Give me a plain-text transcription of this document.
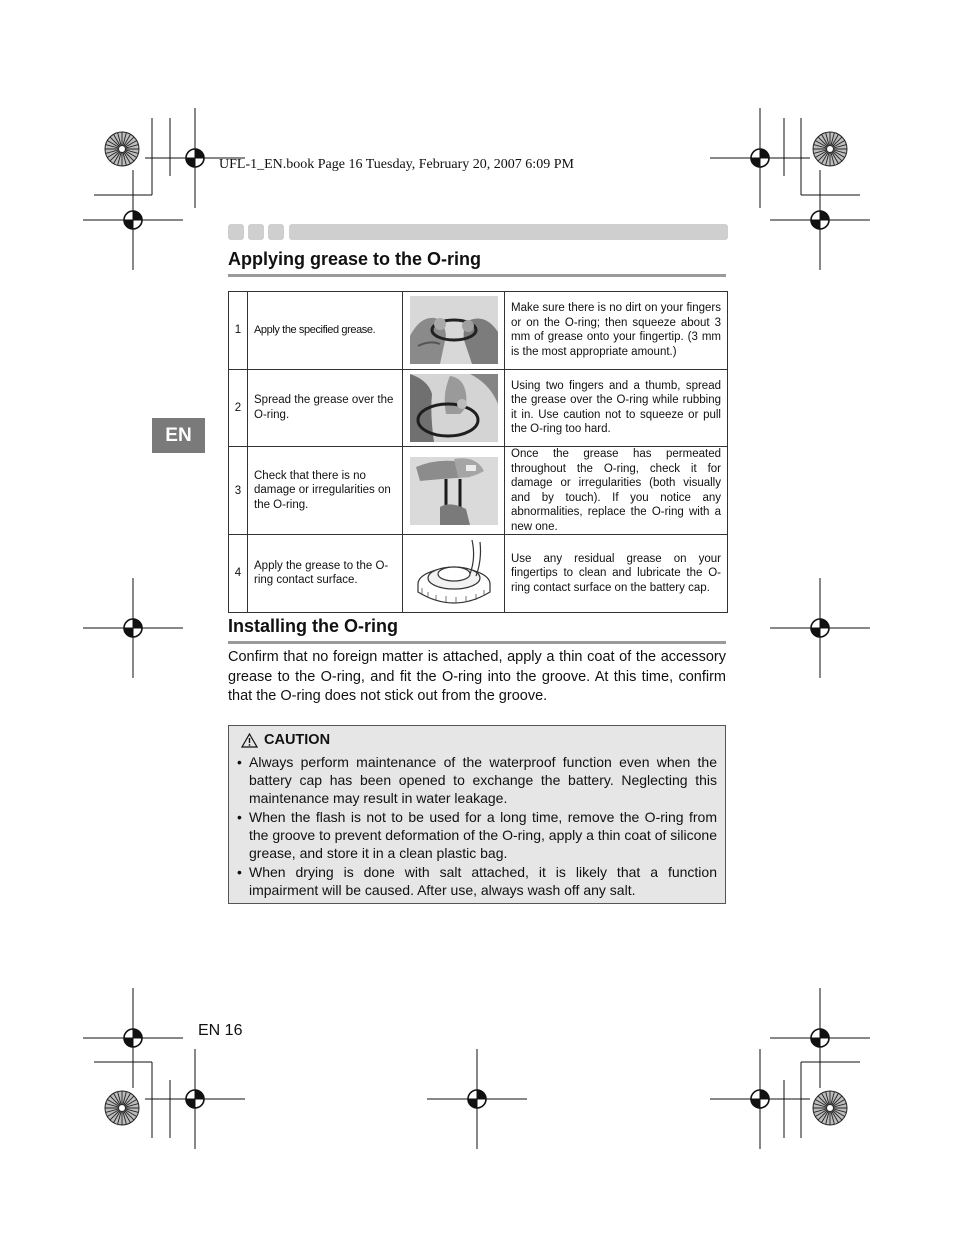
UFL-1_EN.book Page 16 Tuesday, February 20, 2007 6:09 PM
EN
Applying grease to the O-ring
1	Apply the specified grease.		Make sure there is no dirt on your fingers or on the O-ring; then squeeze about 3 mm of grease onto your fingertip. (3 mm is the most appropriate amount.)
2	Spread the grease over the O-ring.		Using two fingers and a thumb, spread the grease over the O-ring while rubbing it in. Use caution not to squeeze or pull the O-ring too hard.
3	Check that there is no damage or irregularities on the O-ring.		Once the grease has permeated throughout the O-ring, check it for damage or irregularities (both visually and by touch). If you notice any abnormalities, replace the O-ring with a new one.
4	Apply the grease to the O-ring contact surface.		Use any residual grease on your fingertips to clean and lubricate the O-ring contact surface on the battery cap.
Installing the O-ring
Confirm that no foreign matter is attached, apply a thin coat of the accessory grease to the O-ring, and fit the O-ring into the groove. At this time, confirm that the O-ring does not stick out from the groove.
CAUTION
• Always perform maintenance of the waterproof function even when the battery cap has been opened to exchange the battery. Neglecting this maintenance may result in water leakage.
• When the flash is not to be used for a long time, remove the O-ring from the groove to prevent deformation of the O-ring, apply a thin coat of silicone grease, and store it in a clean plastic bag.
• When drying is done with salt attached, it is likely that a function impairment will be caused. After use, always wash off any salt.
EN 16
